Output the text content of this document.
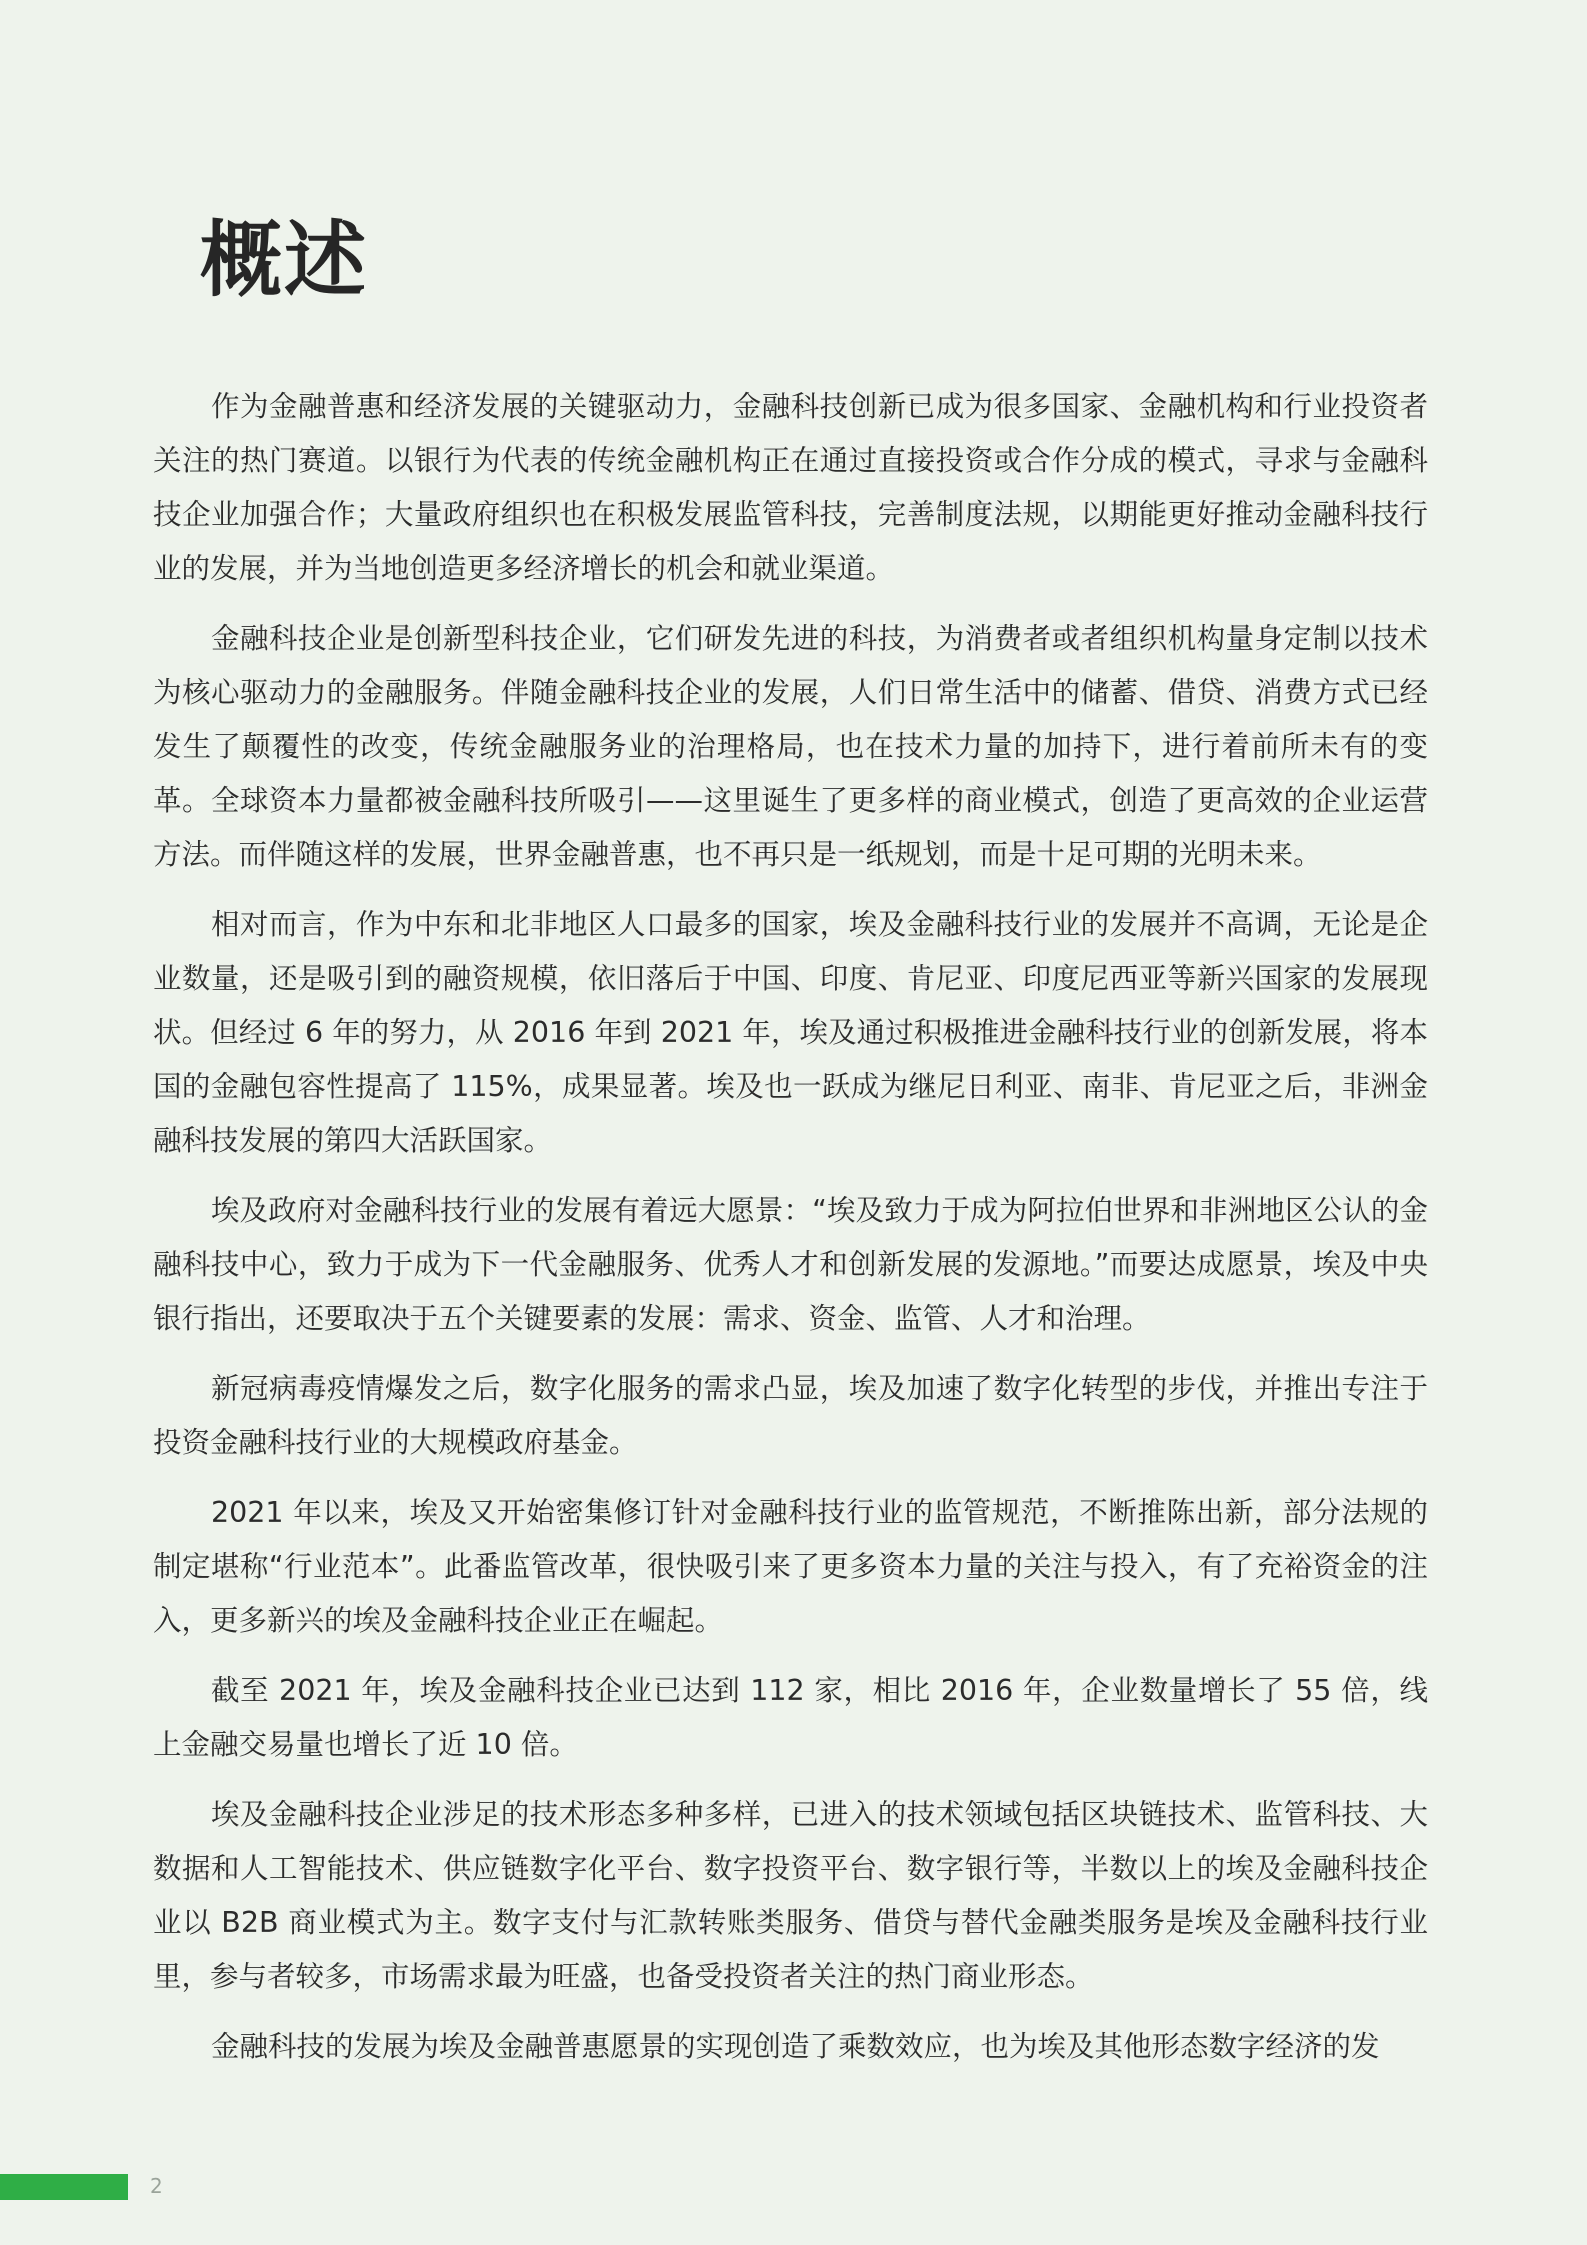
概述

作为金融普惠和经济发展的关键驱动力，金融科技创新已成为很多国家、金融机构和行业投资者关注的热门赛道。以银行为代表的传统金融机构正在通过直接投资或合作分成的模式，寻求与金融科技企业加强合作；大量政府组织也在积极发展监管科技，完善制度法规，以期能更好推动金融科技行业的发展，并为当地创造更多经济增长的机会和就业渠道。

金融科技企业是创新型科技企业，它们研发先进的科技，为消费者或者组织机构量身定制以技术为核心驱动力的金融服务。伴随金融科技企业的发展，人们日常生活中的储蓄、借贷、消费方式已经发生了颠覆性的改变，传统金融服务业的治理格局，也在技术力量的加持下，进行着前所未有的变革。全球资本力量都被金融科技所吸引——这里诞生了更多样的商业模式，创造了更高效的企业运营方法。而伴随这样的发展，世界金融普惠，也不再只是一纸规划，而是十足可期的光明未来。

相对而言，作为中东和北非地区人口最多的国家，埃及金融科技行业的发展并不高调，无论是企业数量，还是吸引到的融资规模，依旧落后于中国、印度、肯尼亚、印度尼西亚等新兴国家的发展现状。但经过 6 年的努力，从 2016 年到 2021 年，埃及通过积极推进金融科技行业的创新发展，将本国的金融包容性提高了 115%，成果显著。埃及也一跃成为继尼日利亚、南非、肯尼亚之后，非洲金融科技发展的第四大活跃国家。

埃及政府对金融科技行业的发展有着远大愿景：“埃及致力于成为阿拉伯世界和非洲地区公认的金融科技中心，致力于成为下一代金融服务、优秀人才和创新发展的发源地。”而要达成愿景，埃及中央银行指出，还要取决于五个关键要素的发展：需求、资金、监管、人才和治理。

新冠病毒疫情爆发之后，数字化服务的需求凸显，埃及加速了数字化转型的步伐，并推出专注于投资金融科技行业的大规模政府基金。

2021 年以来，埃及又开始密集修订针对金融科技行业的监管规范，不断推陈出新，部分法规的制定堪称“行业范本”。此番监管改革，很快吸引来了更多资本力量的关注与投入，有了充裕资金的注入，更多新兴的埃及金融科技企业正在崛起。

截至 2021 年，埃及金融科技企业已达到 112 家，相比 2016 年，企业数量增长了 55 倍，线上金融交易量也增长了近 10 倍。

埃及金融科技企业涉足的技术形态多种多样，已进入的技术领域包括区块链技术、监管科技、大数据和人工智能技术、供应链数字化平台、数字投资平台、数字银行等，半数以上的埃及金融科技企业以 B2B 商业模式为主。数字支付与汇款转账类服务、借贷与替代金融类服务是埃及金融科技行业里，参与者较多，市场需求最为旺盛，也备受投资者关注的热门商业形态。

金融科技的发展为埃及金融普惠愿景的实现创造了乘数效应，也为埃及其他形态数字经济的发

2
